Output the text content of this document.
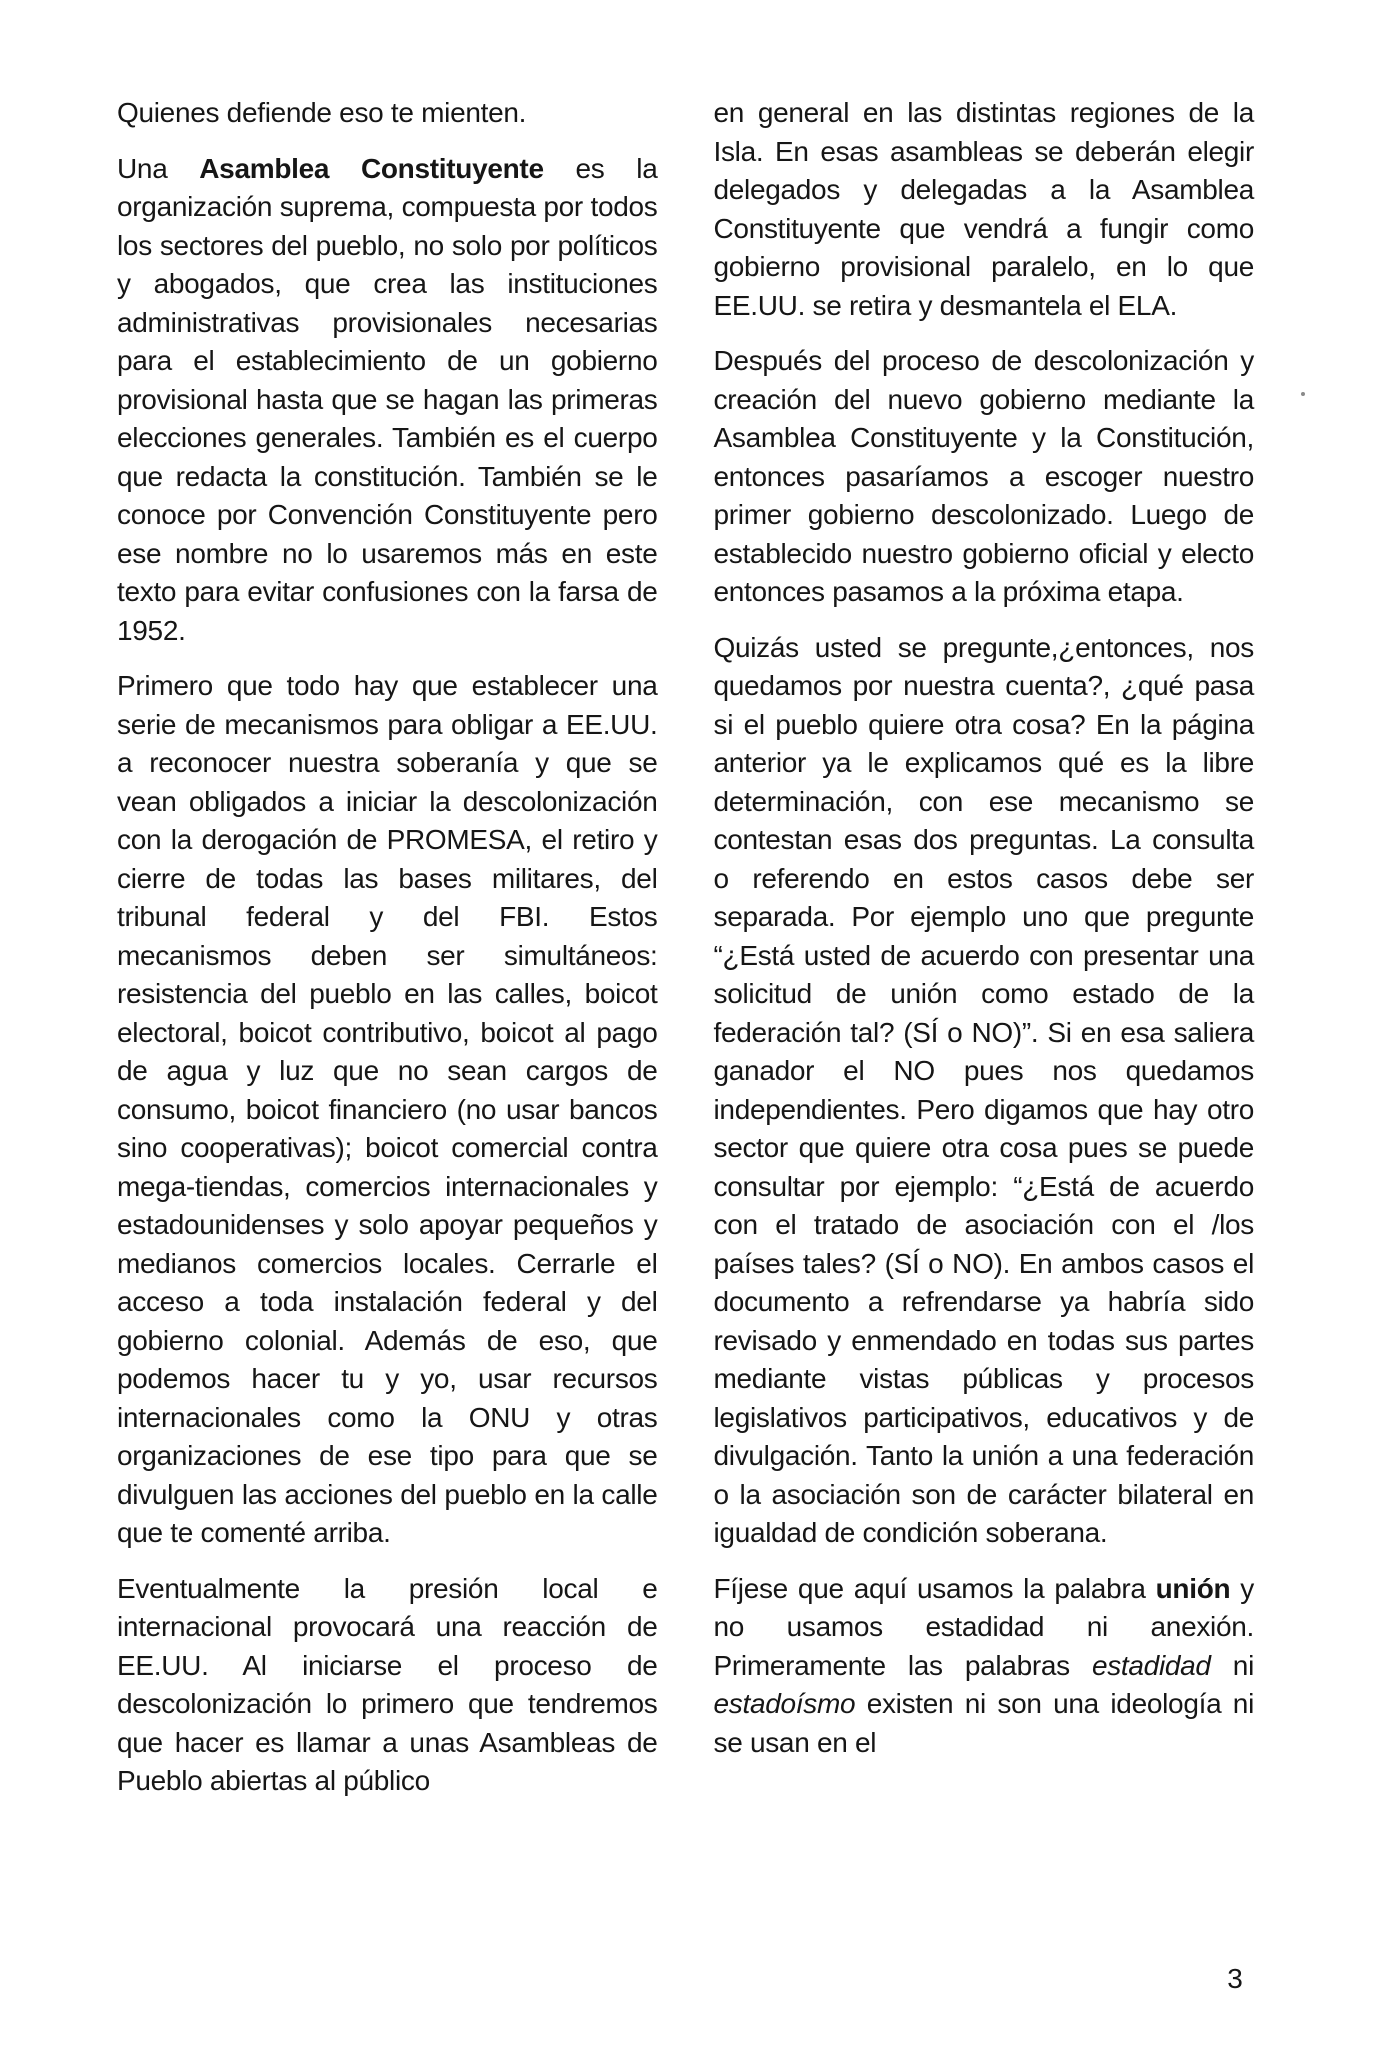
Quienes defiende eso te mienten.

Una Asamblea Constituyente es la organización suprema, compuesta por todos los sectores del pueblo, no solo por políticos y abogados, que crea las instituciones administrativas provisionales necesarias para el establecimiento de un gobierno provisional hasta que se hagan las primeras elecciones generales. También es el cuerpo que redacta la constitución. También se le conoce por Convención Constituyente pero ese nombre no lo usaremos más en este texto para evitar confusiones con la farsa de 1952.

Primero que todo hay que establecer una serie de mecanismos para obligar a EE.UU. a reconocer nuestra soberanía y que se vean obligados a iniciar la descolonización con la derogación de PROMESA, el retiro y cierre de todas las bases militares, del tribunal federal y del FBI. Estos mecanismos deben ser simultáneos: resistencia del pueblo en las calles, boicot electoral, boicot contributivo, boicot al pago de agua y luz que no sean cargos de consumo, boicot financiero (no usar bancos sino cooperativas); boicot comercial contra mega-tiendas, comercios internacionales y estadounidenses y solo apoyar pequeños y medianos comercios locales. Cerrarle el acceso a toda instalación federal y del gobierno colonial. Además de eso, que podemos hacer tu y yo, usar recursos internacionales como la ONU y otras organizaciones de ese tipo para que se divulguen las acciones del pueblo en la calle que te comenté arriba.

Eventualmente la presión local e internacional provocará una reacción de EE.UU. Al iniciarse el proceso de descolonización lo primero que tendremos que hacer es llamar a unas Asambleas de Pueblo abiertas al público

en general en las distintas regiones de la Isla. En esas asambleas se deberán elegir delegados y delegadas a la Asamblea Constituyente que vendrá a fungir como gobierno provisional paralelo, en lo que EE.UU. se retira y desmantela el ELA.

Después del proceso de descolonización y creación del nuevo gobierno mediante la Asamblea Constituyente y la Constitución, entonces pasaríamos a escoger nuestro primer gobierno descolonizado. Luego de establecido nuestro gobierno oficial y electo entonces pasamos a la próxima etapa.

Quizás usted se pregunte,¿entonces, nos quedamos por nuestra cuenta?, ¿qué pasa si el pueblo quiere otra cosa? En la página anterior ya le explicamos qué es la libre determinación, con ese mecanismo se contestan esas dos preguntas. La consulta o referendo en estos casos debe ser separada. Por ejemplo uno que pregunte “¿Está usted de acuerdo con presentar una solicitud de unión como estado de la federación tal? (SÍ o NO)”. Si en esa saliera ganador el NO pues nos quedamos independientes. Pero digamos que hay otro sector que quiere otra cosa pues se puede consultar por ejemplo: “¿Está de acuerdo con el tratado de asociación con el /los países tales? (SÍ o NO). En ambos casos el documento a refrendarse ya habría sido revisado y enmendado en todas sus partes mediante vistas públicas y procesos legislativos participativos, educativos y de divulgación. Tanto la unión a una federación o la asociación son de carácter bilateral en igualdad de condición soberana.

Fíjese que aquí usamos la palabra unión y no usamos estadidad ni anexión. Primeramente las palabras estadidad ni estadoísmo existen ni son una ideología ni se usan en el

3
